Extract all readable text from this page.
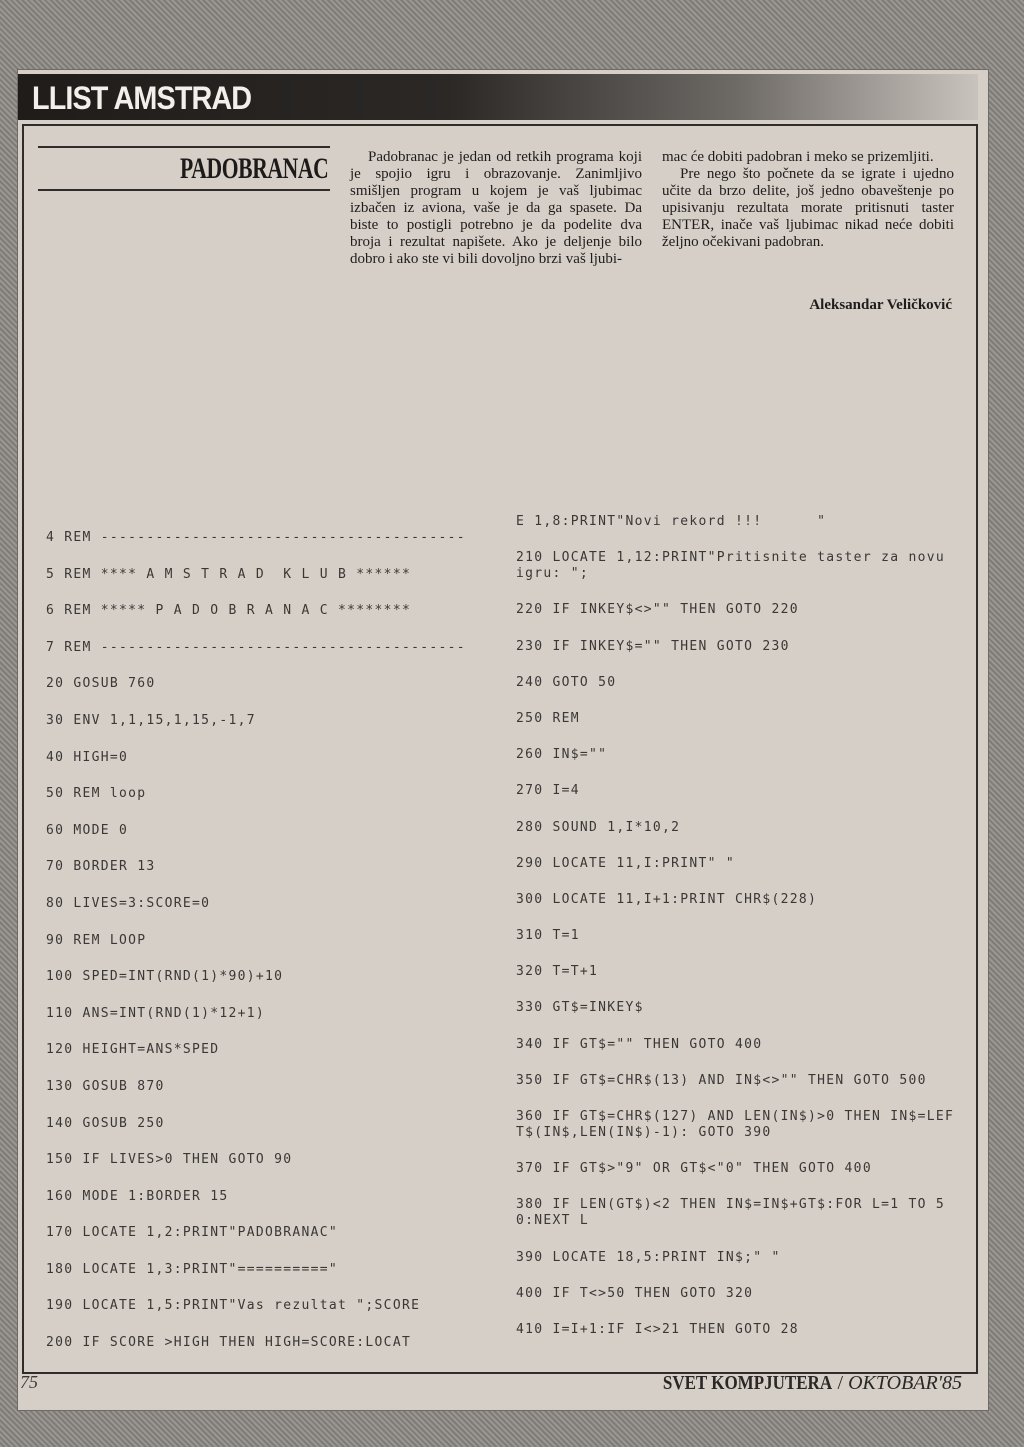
LLIST AMSTRAD
PADOBRANAC	Padobranac je jedan od retkih programa koji je spojio igru i obrazovanje. Zanimljivo smišljen program u kojem je vaš ljubimac izbačen iz aviona, vaše je da ga spasete. Da biste to postigli potrebno je da podelite dva broja i rezultat napišete. Ako je deljenje bilo dobro i ako ste vi bili dovoljno brzi vaš ljubi-

mac će dobiti padobran i meko se prizemljiti.

Pre nego što počnete da se igrate i ujedno učite da brzo delite, još jedno obaveštenje po upisivanju rezultata morate pritisnuti taster ENTER, inače vaš ljubimac nikad neće dobiti željno očekivani padobran.

Aleksandar Veličković
4 REM ----------------------------------------
5 REM **** A M S T R A D  K L U B ******
6 REM ***** P A D O B R A N A C ********
7 REM ----------------------------------------
20 GOSUB 760
30 ENV 1,1,15,1,15,-1,7
40 HIGH=0
50 REM loop
60 MODE 0
70 BORDER 13
80 LIVES=3:SCORE=0
90 REM LOOP
100 SPED=INT(RND(1)*90)+10
110 ANS=INT(RND(1)*12+1)
120 HEIGHT=ANS*SPED
130 GOSUB 870
140 GOSUB 250
150 IF LIVES>0 THEN GOTO 90
160 MODE 1:BORDER 15
170 LOCATE 1,2:PRINT"PADOBRANAC"
180 LOCATE 1,3:PRINT"=========="
190 LOCATE 1,5:PRINT"Vas rezultat ";SCORE
200 IF SCORE >HIGH THEN HIGH=SCORE:LOCAT
E 1,8:PRINT"Novi rekord !!!      "
210 LOCATE 1,12:PRINT"Pritisnite taster za novu igru: ";
220 IF INKEY$<>"" THEN GOTO 220
230 IF INKEY$="" THEN GOTO 230
240 GOTO 50
250 REM
260 IN$=""
270 I=4
280 SOUND 1,I*10,2
290 LOCATE 11,I:PRINT" "
300 LOCATE 11,I+1:PRINT CHR$(228)
310 T=1
320 T=T+1
330 GT$=INKEY$
340 IF GT$="" THEN GOTO 400
350 IF GT$=CHR$(13) AND IN$<>"" THEN GOTO 500
360 IF GT$=CHR$(127) AND LEN(IN$)>0 THEN IN$=LEFT$(IN$,LEN(IN$)-1): GOTO 390
370 IF GT$>"9" OR GT$<"0" THEN GOTO 400
380 IF LEN(GT$)<2 THEN IN$=IN$+GT$:FOR L=1 TO 50:NEXT L
390 LOCATE 18,5:PRINT IN$;" "
400 IF T<>50 THEN GOTO 320
410 I=I+1:IF I<>21 THEN GOTO 28
75	SVET KOMPJUTERA / OKTOBAR'85
